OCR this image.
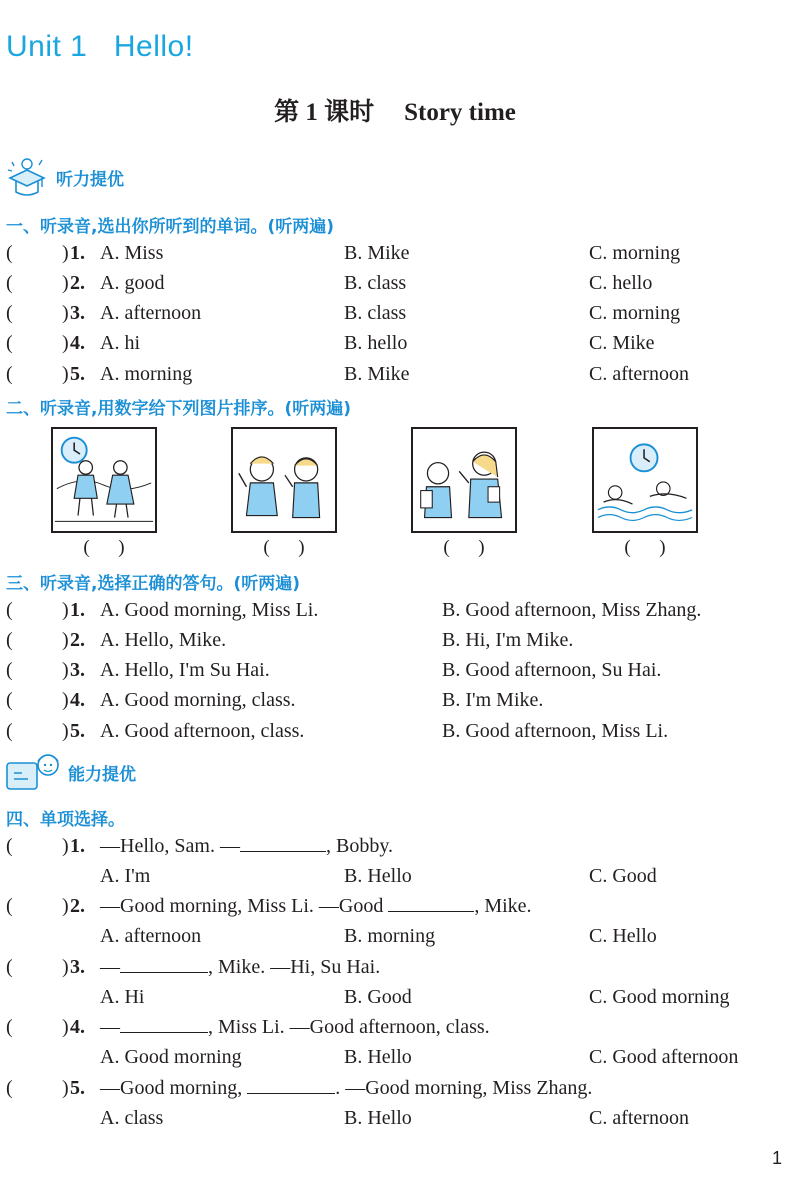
Unit 1   Hello!
第 1 课时 Story time
听力提优
一、听录音,选出你所听到的单词。(听两遍)
( )
1. A. Miss	B. Mike	C. morning
( )
2. A. good	B. class	C. hello
( )
3. A. afternoon	B. class	C. morning
( )
4. A. hi	B. hello	C. Mike
( )
5. A. morning	B. Mike	C. afternoon
二、听录音,用数字给下列图片排序。(听两遍)
(      )	(      )	(      )	(      )
三、听录音,选择正确的答句。(听两遍)
( )
1. A. Good morning, Miss Li.	B. Good afternoon, Miss Zhang.
( )
2. A. Hello, Mike.	B. Hi, I'm Mike.
( )
3. A. Hello, I'm Su Hai.	B. Good afternoon, Su Hai.
( )
4. A. Good morning, class.	B. I'm Mike.
( )
5. A. Good afternoon, class.	B. Good afternoon, Miss Li.
能力提优
四、单项选择。
( )
1. —Hello, Sam. —	, Bobby.
A. I'm	B. Hello	C. Good
( )
2. —Good morning, Miss Li. —Good	, Mike.
A. afternoon	B. morning	C. Hello
( )
3. —	, Mike. —Hi, Su Hai.
A. Hi	B. Good	C. Good morning
( )
4. —	, Miss Li. —Good afternoon, class.
A. Good morning	B. Hello	C. Good afternoon
( )
5. —Good morning,	. —Good morning, Miss Zhang.
A. class	B. Hello	C. afternoon
1
